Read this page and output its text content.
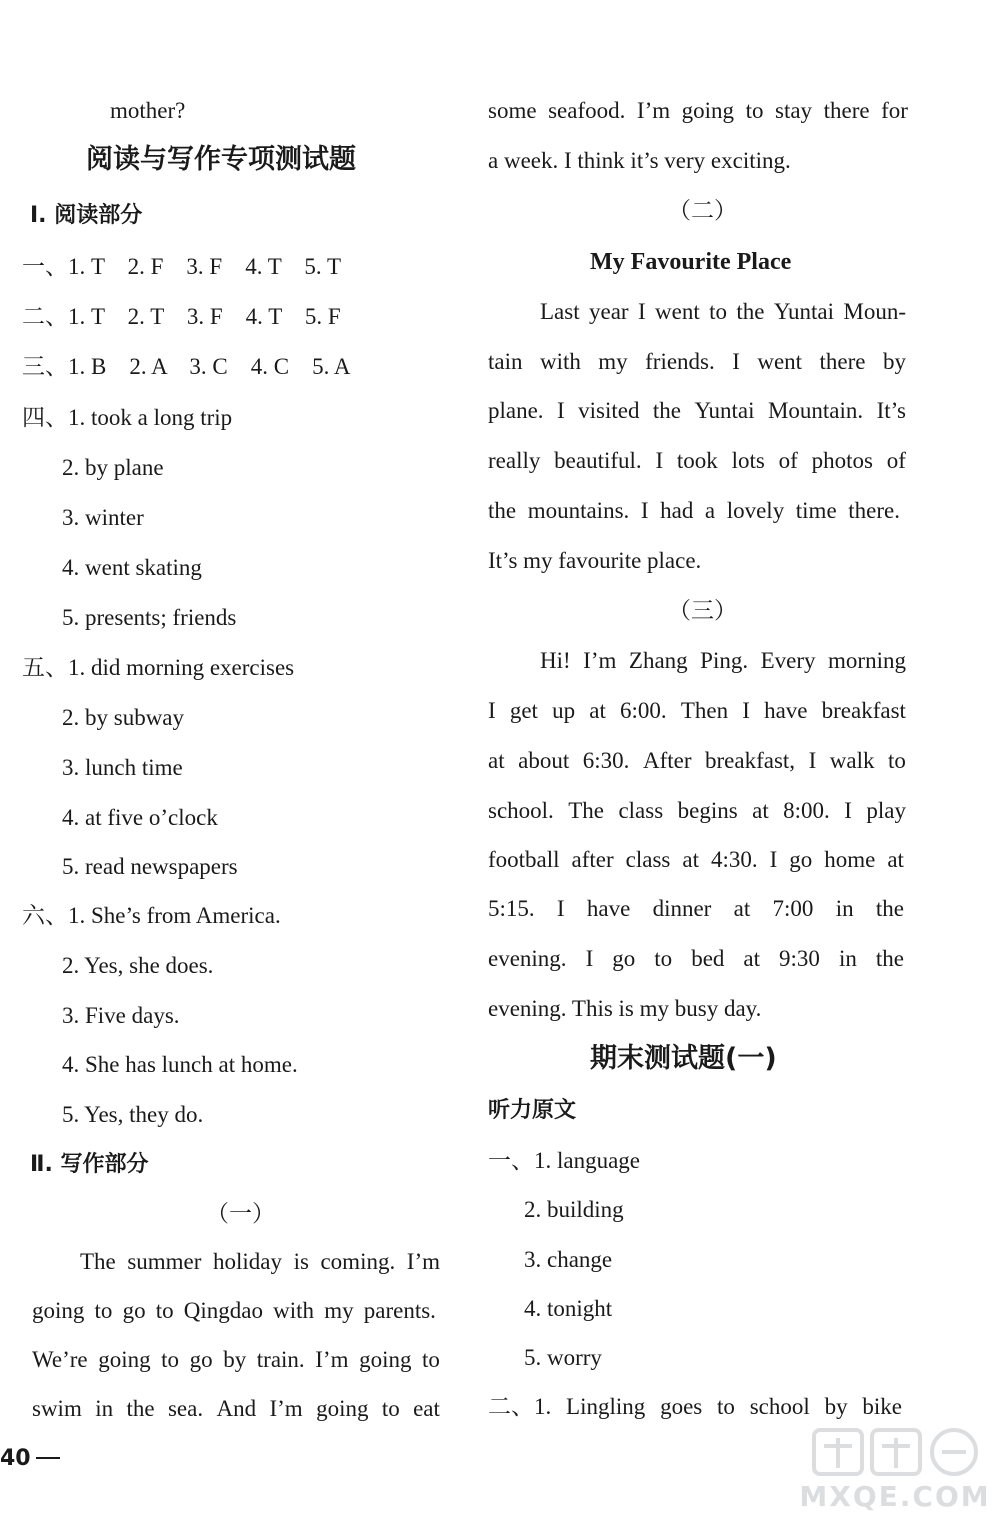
mother?
阅读与写作专项测试题
Ⅰ. 阅读部分
一、1. T　2. F　3. F　4. T　5. T
二、1. T　2. T　3. F　4. T　5. F
三、1. B　2. A　3. C　4. C　5. A
四、1. took a long trip
2. by plane
3. winter
4. went skating
5. presents; friends
五、1. did morning exercises
2. by subway
3. lunch time
4. at five o’clock
5. read newspapers
六、1. She’s from America.
2. Yes, she does.
3. Five days.
4. She has lunch at home.
5. Yes, they do.
Ⅱ. 写作部分
（一）
The summer holiday is coming. I’m
going to go to Qingdao with my parents.
We’re going to go by train. I’m going to
swim in the sea. And I’m going to eat
some seafood. I’m going to stay there for
a week. I think it’s very exciting.
（二）
My Favourite Place
Last year I went to the Yuntai Moun-
tain with my friends. I went there by
plane. I visited the Yuntai Mountain. It’s
really beautiful. I took lots of photos of
the mountains. I had a lovely time there.
It’s my favourite place.
（三）
Hi! I’m Zhang Ping. Every morning
I get up at 6:00. Then I have breakfast
at about 6:30. After breakfast, I walk to
school. The class begins at 8:00. I play
football after class at 4:30. I go home at
5:15. I have dinner at 7:00 in the
evening. I go to bed at 9:30 in the
evening. This is my busy day.
期末测试题(一)
听力原文
一、1. language
2. building
3. change
4. tonight
5. worry
二、1. Lingling goes to school by bike
40
MXQE.COM
